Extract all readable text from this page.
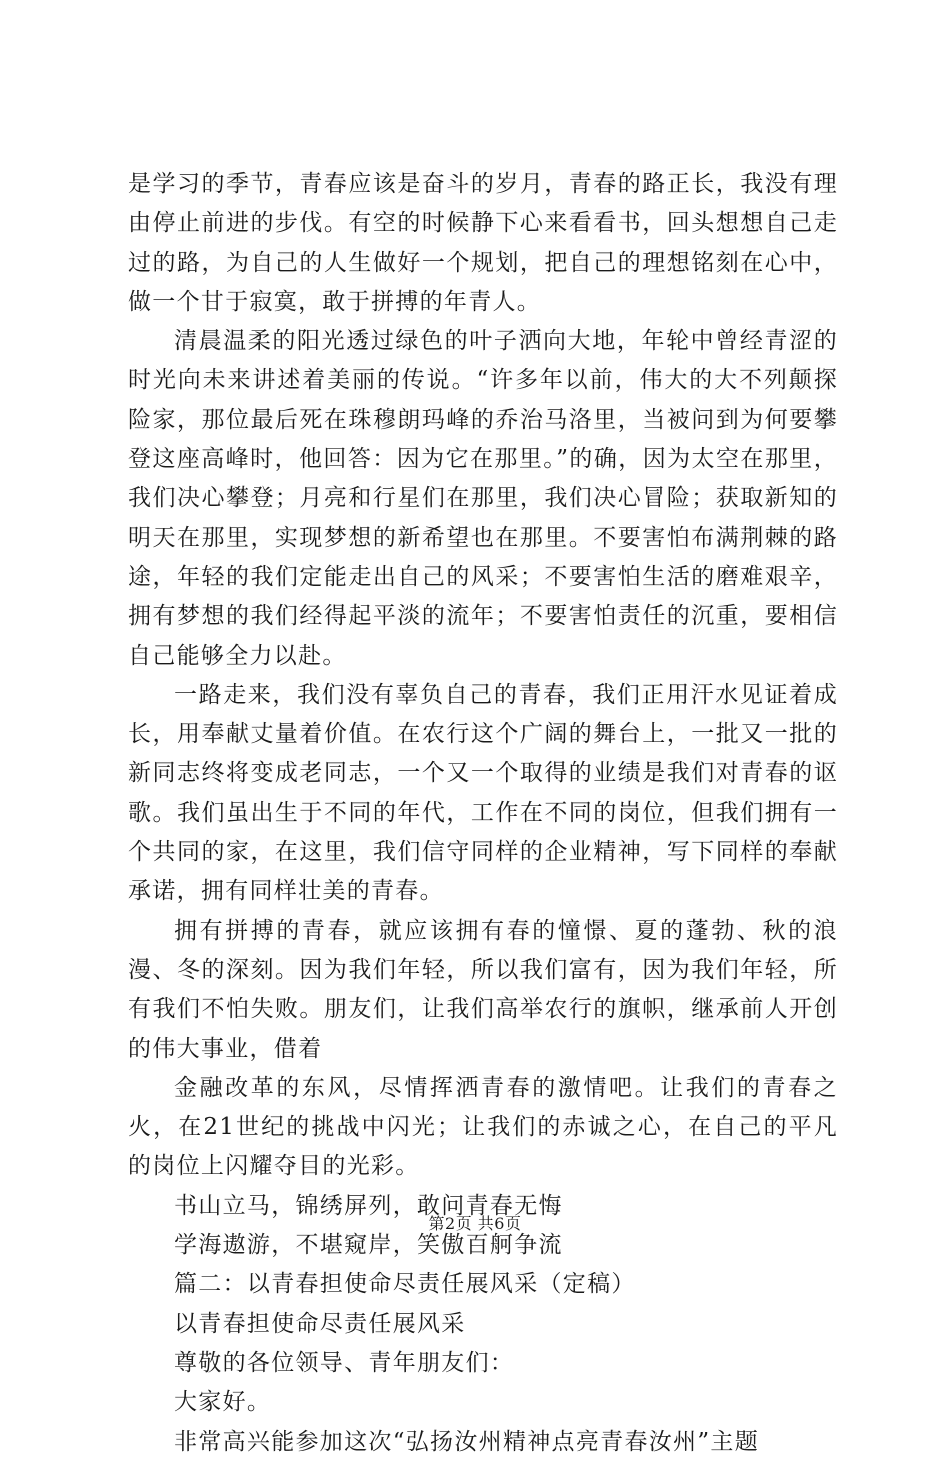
是学习的季节，青春应该是奋斗的岁月，青春的路正长，我没有理由停止前进的步伐。有空的时候静下心来看看书，回头想想自己走过的路，为自己的人生做好一个规划，把自己的理想铭刻在心中，做一个甘于寂寞，敢于拼搏的年青人。

清晨温柔的阳光透过绿色的叶子洒向大地，年轮中曾经青涩的时光向未来讲述着美丽的传说。“许多年以前，伟大的大不列颠探险家，那位最后死在珠穆朗玛峰的乔治马洛里，当被问到为何要攀登这座高峰时，他回答：因为它在那里。”的确，因为太空在那里，我们决心攀登；月亮和行星们在那里，我们决心冒险；获取新知的明天在那里，实现梦想的新希望也在那里。不要害怕布满荆棘的路途，年轻的我们定能走出自己的风采；不要害怕生活的磨难艰辛，拥有梦想的我们经得起平淡的流年；不要害怕责任的沉重，要相信自己能够全力以赴。

一路走来，我们没有辜负自己的青春，我们正用汗水见证着成长，用奉献丈量着价值。在农行这个广阔的舞台上，一批又一批的新同志终将变成老同志，一个又一个取得的业绩是我们对青春的讴歌。我们虽出生于不同的年代，工作在不同的岗位，但我们拥有一个共同的家，在这里，我们信守同样的企业精神，写下同样的奉献承诺，拥有同样壮美的青春。

拥有拼搏的青春，就应该拥有春的憧憬、夏的蓬勃、秋的浪漫、冬的深刻。因为我们年轻，所以我们富有，因为我们年轻，所有我们不怕失败。朋友们，让我们高举农行的旗帜，继承前人开创的伟大事业，借着

金融改革的东风，尽情挥洒青春的激情吧。让我们的青春之火，在21世纪的挑战中闪光；让我们的赤诚之心，在自己的平凡的岗位上闪耀夺目的光彩。

书山立马，锦绣屏列，敢问青春无悔

学海遨游，不堪窥岸，笑傲百舸争流

篇二：以青春担使命尽责任展风采（定稿）

以青春担使命尽责任展风采

尊敬的各位领导、青年朋友们：

大家好。

非常高兴能参加这次“弘扬汝州精神点亮青春汝州”主题

第2页 共6页
